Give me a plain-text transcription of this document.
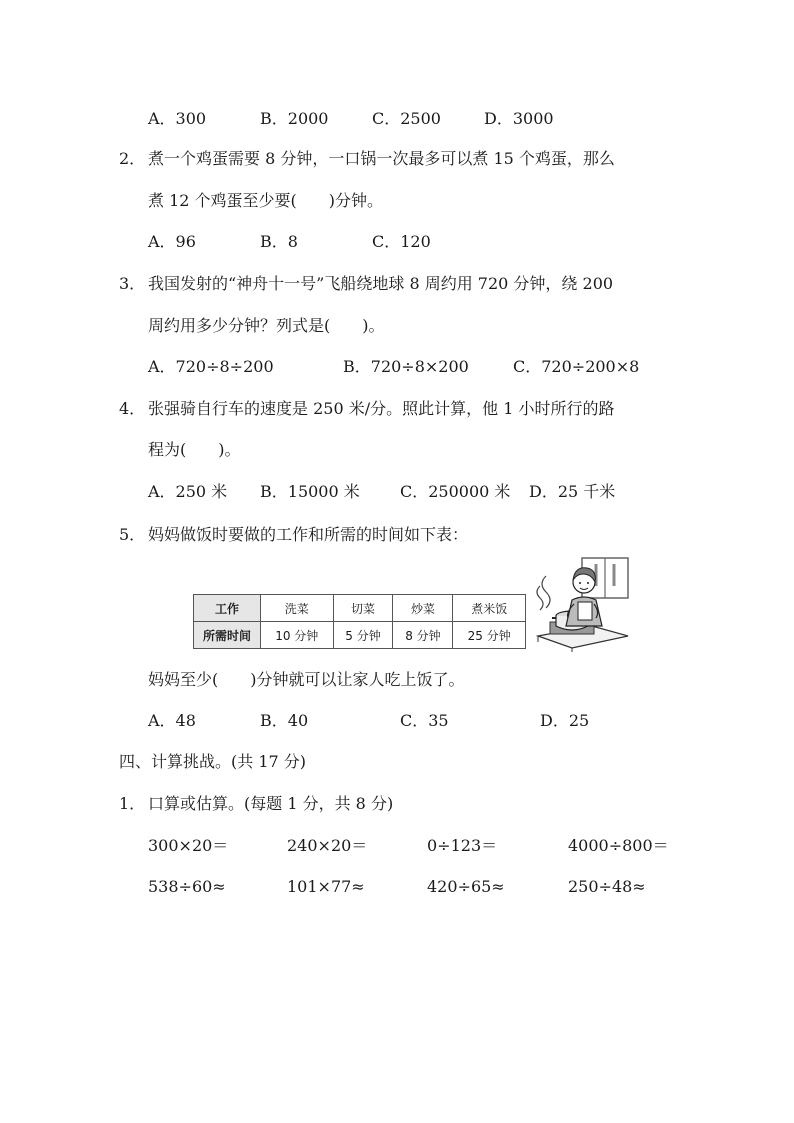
A．300	B．2000	C．2500	D．3000
2． 煮一个鸡蛋需要 8 分钟，一口锅一次最多可以煮 15 个鸡蛋，那么
煮 12 个鸡蛋至少要(　　)分钟。
A．96	B．8	C．120
3． 我国发射的“神舟十一号”飞船绕地球 8 周约用 720 分钟，绕 200
周约用多少分钟？列式是(　　)。
A．720÷8÷200	B．720÷8×200	C．720÷200×8
4． 张强骑自行车的速度是 250 米/分。照此计算，他 1 小时所行的路
程为(　　)。
A．250 米 B．15000 米	C．250000 米 D．25 千米
5． 妈妈做饭时要做的工作和所需的时间如下表：
工作	洗菜	切菜	炒菜	煮米饭
所需时间	10 分钟	5 分钟	8 分钟	25 分钟
妈妈至少(　　)分钟就可以让家人吃上饭了。
A．48	B．40	C．35	D．25
四、计算挑战。(共 17 分)
1． 口算或估算。(每题 1 分，共 8 分)
300×20＝	240×20＝	0÷123＝	4000÷800＝
538÷60≈	101×77≈	420÷65≈	250÷48≈
